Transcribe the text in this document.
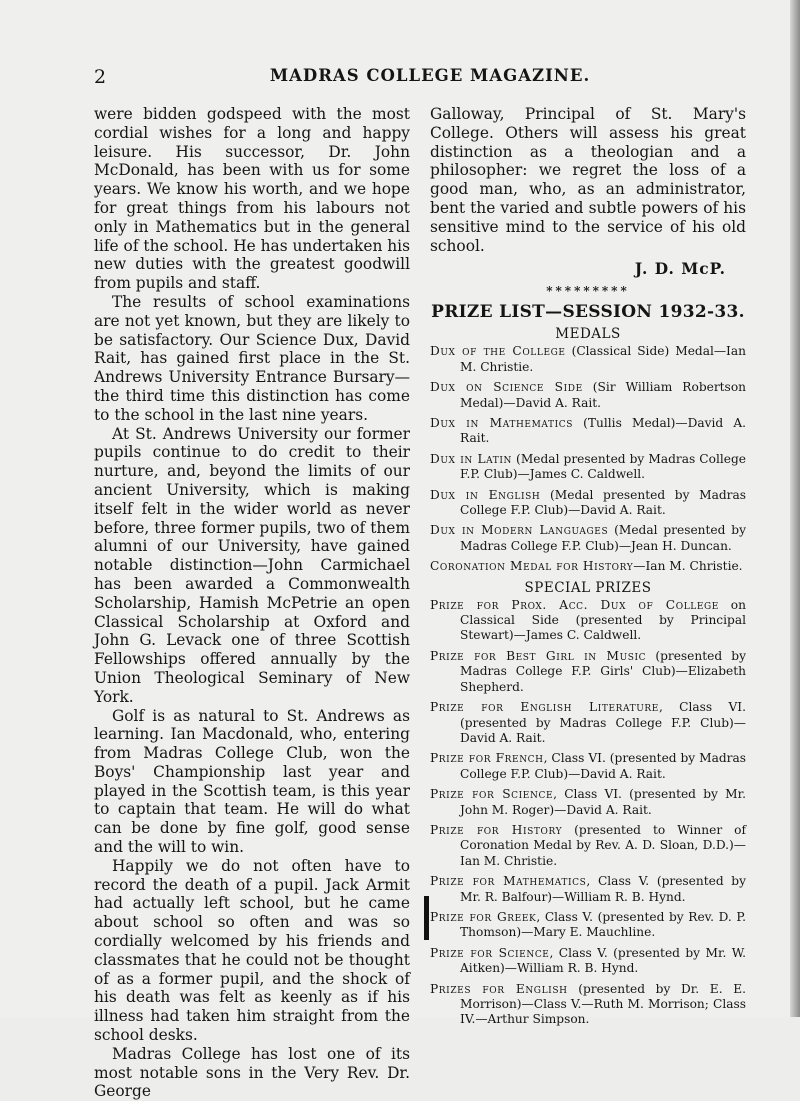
2	MADRAS COLLEGE MAGAZINE.

were bidden godspeed with the most cordial wishes for a long and happy leisure. His successor, Dr. John McDonald, has been with us for some years. We know his worth, and we hope for great things from his labours not only in Mathematics but in the general life of the school. He has undertaken his new duties with the greatest goodwill from pupils and staff.

The results of school examinations are not yet known, but they are likely to be satisfactory. Our Science Dux, David Rait, has gained first place in the St. Andrews University Entrance Bursary—the third time this distinction has come to the school in the last nine years.

At St. Andrews University our former pupils continue to do credit to their nurture, and, beyond the limits of our ancient University, which is making itself felt in the wider world as never before, three former pupils, two of them alumni of our University, have gained notable distinction—John Carmichael has been awarded a Commonwealth Scholarship, Hamish McPetrie an open Classical Scholarship at Oxford and John G. Levack one of three Scottish Fellowships offered annually by the Union Theological Seminary of New York.

Golf is as natural to St. Andrews as learning. Ian Macdonald, who, entering from Madras College Club, won the Boys' Championship last year and played in the Scottish team, is this year to captain that team. He will do what can be done by fine golf, good sense and the will to win.

Happily we do not often have to record the death of a pupil. Jack Armit had actually left school, but he came about school so often and was so cordially welcomed by his friends and classmates that he could not be thought of as a former pupil, and the shock of his death was felt as keenly as if his illness had taken him straight from the school desks.

Madras College has lost one of its most notable sons in the Very Rev. Dr. George

Galloway, Principal of St. Mary's College. Others will assess his great distinction as a theologian and a philosopher: we regret the loss of a good man, who, as an administrator, bent the varied and subtle powers of his sensitive mind to the service of his old school.

J. D. McP.
*********
PRIZE LIST—SESSION 1932-33.
MEDALS

Dux of the College (Classical Side) Medal—Ian M. Christie.

Dux on Science Side (Sir William Robertson Medal)—David A. Rait.

Dux in Mathematics (Tullis Medal)—David A. Rait.

Dux in Latin (Medal presented by Madras College F.P. Club)—James C. Caldwell.

Dux in English (Medal presented by Madras College F.P. Club)—David A. Rait.

Dux in Modern Languages (Medal presented by Madras College F.P. Club)—Jean H. Duncan.

Coronation Medal for History—Ian M. Christie.

SPECIAL PRIZES

Prize for Prox. Acc. Dux of College on Classical Side (presented by Principal Stewart)—James C. Caldwell.

Prize for Best Girl in Music (presented by Madras College F.P. Girls' Club)—Elizabeth Shepherd.

Prize for English Literature, Class VI. (presented by Madras College F.P. Club)—David A. Rait.

Prize for French, Class VI. (presented by Madras College F.P. Club)—David A. Rait.

Prize for Science, Class VI. (presented by Mr. John M. Roger)—David A. Rait.

Prize for History (presented to Winner of Coronation Medal by Rev. A. D. Sloan, D.D.)—Ian M. Christie.

Prize for Mathematics, Class V. (presented by Mr. R. Balfour)—William R. B. Hynd.

Prize for Greek, Class V. (presented by Rev. D. P. Thomson)—Mary E. Mauchline.

Prize for Science, Class V. (presented by Mr. W. Aitken)—William R. B. Hynd.

Prizes for English (presented by Dr. E. E. Morrison)—Class V.—Ruth M. Morrison; Class IV.—Arthur Simpson.
